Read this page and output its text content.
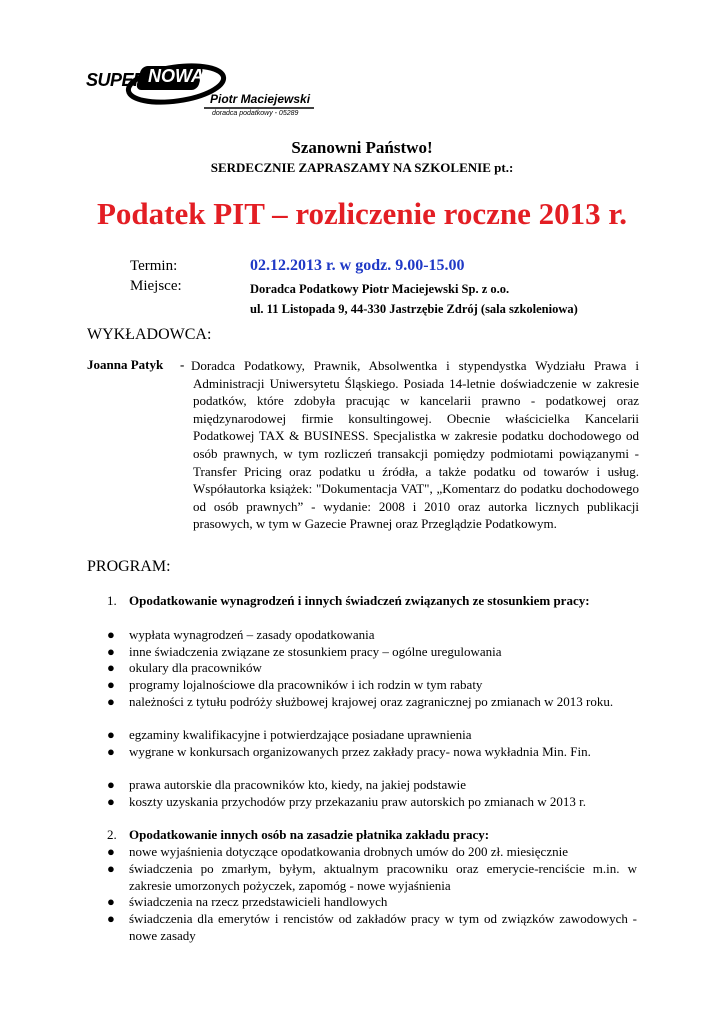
SUPER NOWA
Piotr Maciejewski
doradca podatkowy - 05289
Szanowni Państwo!
SERDECZNIE ZAPRASZAMY NA SZKOLENIE pt.:
Podatek PIT – rozliczenie roczne 2013 r.
Termin:	02.12.2013 r. w godz. 9.00-15.00
Miejsce:	Doradca Podatkowy Piotr Maciejewski Sp. z o.o.
ul. 11 Listopada 9, 44-330 Jastrzębie Zdrój (sala szkoleniowa)
WYKŁADOWCA:
Joanna Patyk - Doradca Podatkowy, Prawnik, Absolwentka i stypendystka Wydziału Prawa i Administracji Uniwersytetu Śląskiego. Posiada 14-letnie doświadczenie w zakresie podatków, które zdobyła pracując w kancelarii prawno - podatkowej oraz międzynarodowej firmie konsultingowej. Obecnie właścicielka Kancelarii Podatkowej TAX & BUSINESS. Specjalistka w zakresie podatku dochodowego od osób prawnych, w tym rozliczeń transakcji pomiędzy podmiotami powiązanymi - Transfer Pricing oraz podatku u źródła, a także podatku od towarów i usług. Współautorka książek: "Dokumentacja VAT", „Komentarz do podatku dochodowego od osób prawnych” - wydanie: 2008 i 2010 oraz autorka licznych publikacji prasowych, w tym w Gazecie Prawnej oraz Przeglądzie Podatkowym.
PROGRAM:
1. Opodatkowanie wynagrodzeń i innych świadczeń związanych ze stosunkiem pracy:
● wypłata wynagrodzeń – zasady opodatkowania
● inne świadczenia związane ze stosunkiem pracy – ogólne uregulowania
● okulary dla pracowników
● programy lojalnościowe dla pracowników i ich rodzin w tym rabaty
● należności z tytułu podróży służbowej krajowej oraz zagranicznej po zmianach w 2013 roku.
● egzaminy kwalifikacyjne i potwierdzające posiadane uprawnienia
● wygrane w konkursach organizowanych przez zakłady pracy- nowa wykładnia Min. Fin.
● prawa autorskie dla pracowników kto, kiedy, na jakiej podstawie
● koszty uzyskania przychodów przy przekazaniu praw autorskich po zmianach w 2013 r.
2. Opodatkowanie innych osób na zasadzie płatnika zakładu pracy:
● nowe wyjaśnienia dotyczące opodatkowania drobnych umów do 200 zł. miesięcznie
● świadczenia po zmarłym, byłym, aktualnym pracowniku oraz emerycie-renciście m.in. w zakresie umorzonych pożyczek, zapomóg - nowe wyjaśnienia
● świadczenia na rzecz przedstawicieli handlowych
● świadczenia dla emerytów i rencistów od zakładów pracy w tym od związków zawodowych - nowe zasady
